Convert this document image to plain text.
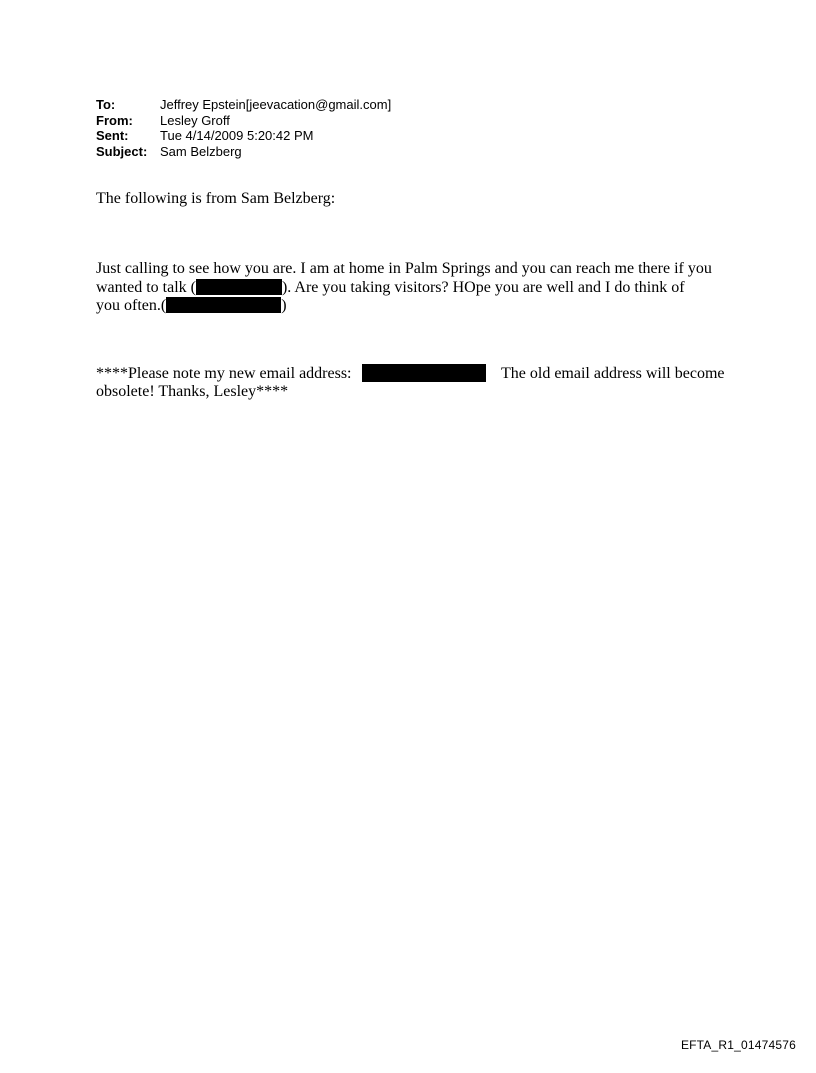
To:	Jeffrey Epstein[jeevacation@gmail.com]
From:	Lesley Groff
Sent:	Tue 4/14/2009 5:20:42 PM
Subject: Sam Belzberg
The following is from Sam Belzberg:
Just calling to see how you are. I am at home in Palm Springs and you can reach me there if you
wanted to talk (	). Are you taking visitors? HOpe you are well and I do think of
you often.(	)
****Please note my new email address:	The old email address will become
obsolete! Thanks, Lesley****
EFTA_R1_01474576
